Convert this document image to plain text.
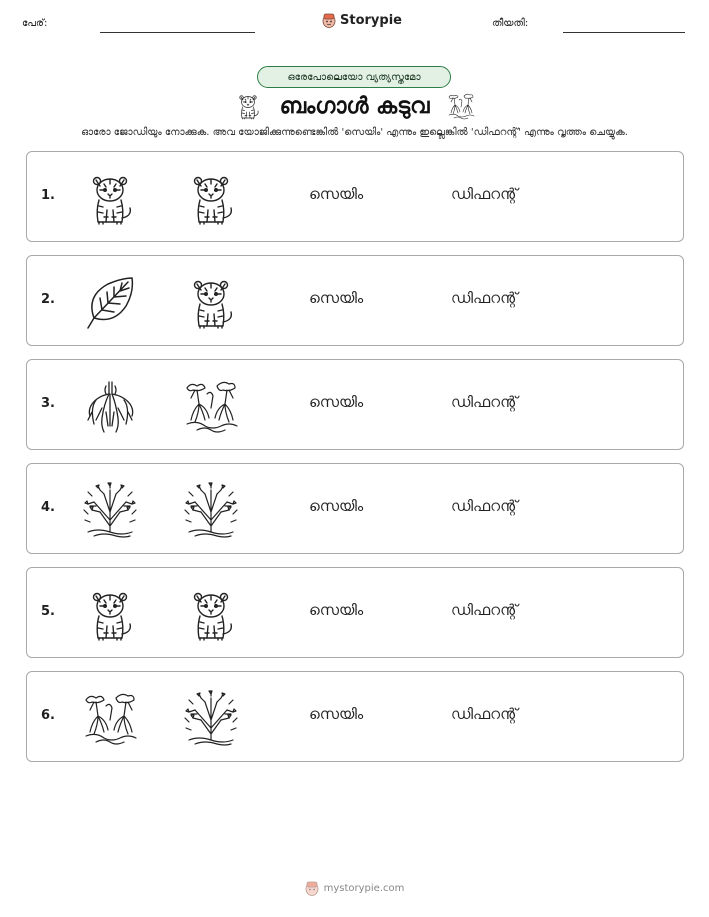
പേര്:	Storypie	തീയതി:
ഒരേപോലെയോ വ്യത്യസ്തമോ
ബംഗാൾ കടുവ
ഓരോ ജോഡിയും നോക്കുക. അവ യോജിക്കുന്നുണ്ടെങ്കിൽ 'സെയിം' എന്നും ഇല്ലെങ്കിൽ 'ഡിഫറന്റ്' എന്നും വൃത്തം ചെയ്യുക.
1.	സെയിം	ഡിഫറന്റ്
2.	സെയിം	ഡിഫറന്റ്
3.	സെയിം	ഡിഫറന്റ്
4.	സെയിം	ഡിഫറന്റ്
5.	സെയിം	ഡിഫറന്റ്
6.	സെയിം	ഡിഫറന്റ്
mystorypie.com
